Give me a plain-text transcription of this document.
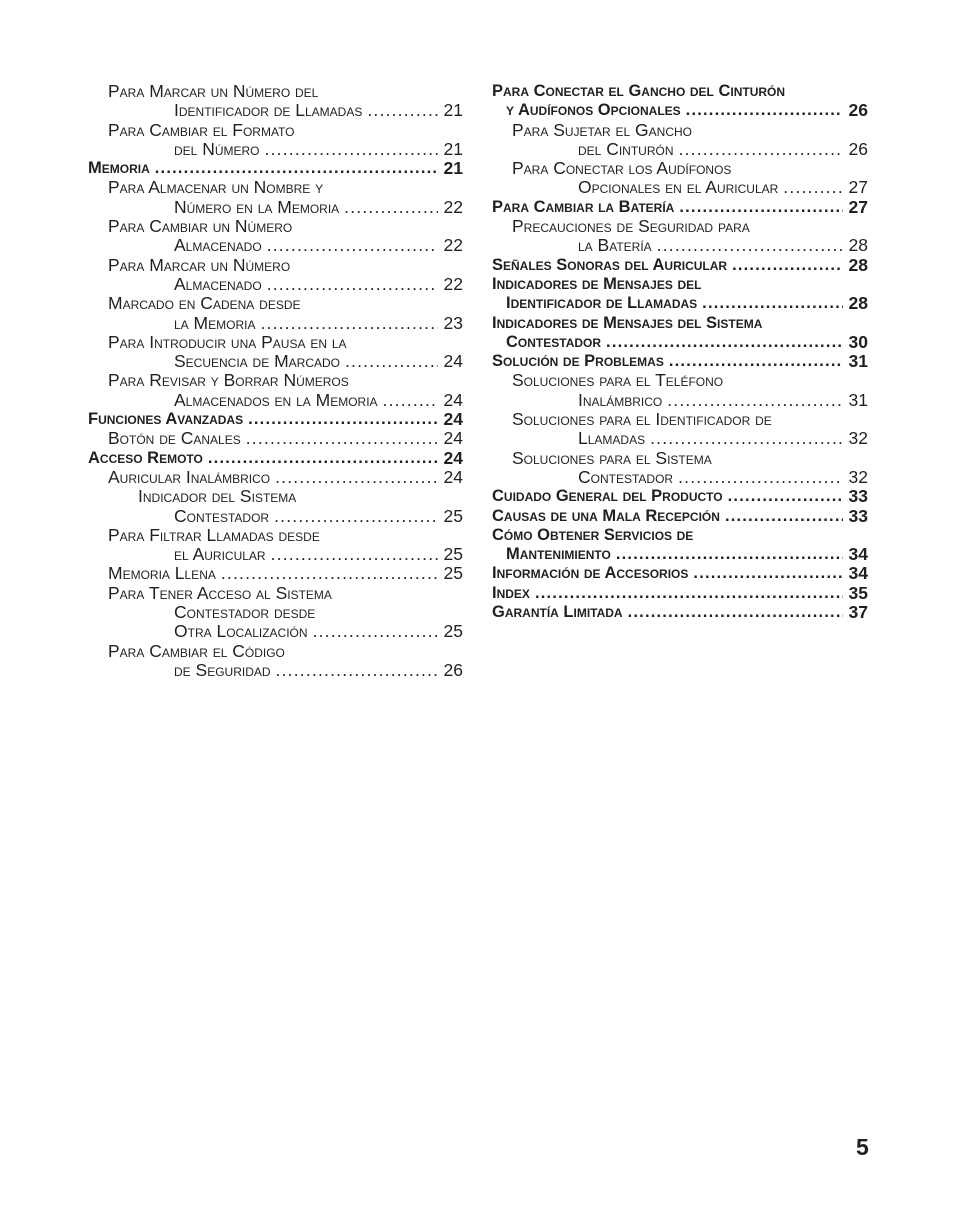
Para Marcar un Número del
Identificador de Llamadas .....	21
Para Cambiar el Formato
del Número .....	21
Memoria .....	21
Para Almacenar un Nombre y
Número en la Memoria .....	22
Para Cambiar un Número
Almacenado .....	22
Para Marcar un Número
Almacenado .....	22
Marcado en Cadena desde
la Memoria .....	23
Para Introducir una Pausa en la
Secuencia de Marcado .....	24
Para Revisar y Borrar Números
Almacenados en la Memoria .....	24
Funciones Avanzadas .....	24
Botón de Canales .....	24
Acceso Remoto .....	24
Auricular Inalámbrico .....	24
Indicador del Sistema
Contestador .....	25
Para Filtrar Llamadas desde
el Auricular .....	25
Memoria Llena .....	25
Para Tener Acceso al Sistema
Contestador desde
Otra Localización .....	25
Para Cambiar el Código
de Seguridad .....	26
Para Conectar el Gancho del Cinturón
y Audífonos Opcionales .....	26
Para Sujetar el Gancho
del Cinturón .....	26
Para Conectar los Audífonos
Opcionales en el Auricular .....	27
Para Cambiar la Batería .....	27
Precauciones de Seguridad para
la Batería .....	28
Señales Sonoras del Auricular .....	28
Indicadores de Mensajes del
Identificador de Llamadas .....	28
Indicadores de Mensajes del Sistema
Contestador .....	30
Solución de Problemas .....	31
Soluciones para el Teléfono
Inalámbrico .....	31
Soluciones para el Identificador de
Llamadas .....	32
Soluciones para el Sistema
Contestador .....	32
Cuidado General del Producto .....	33
Causas de una Mala Recepción .....	33
Cómo Obtener Servicios de
Mantenimiento .....	34
Información de Accesorios .....	34
Index .....	35
Garantía Limitada .....	37
5
